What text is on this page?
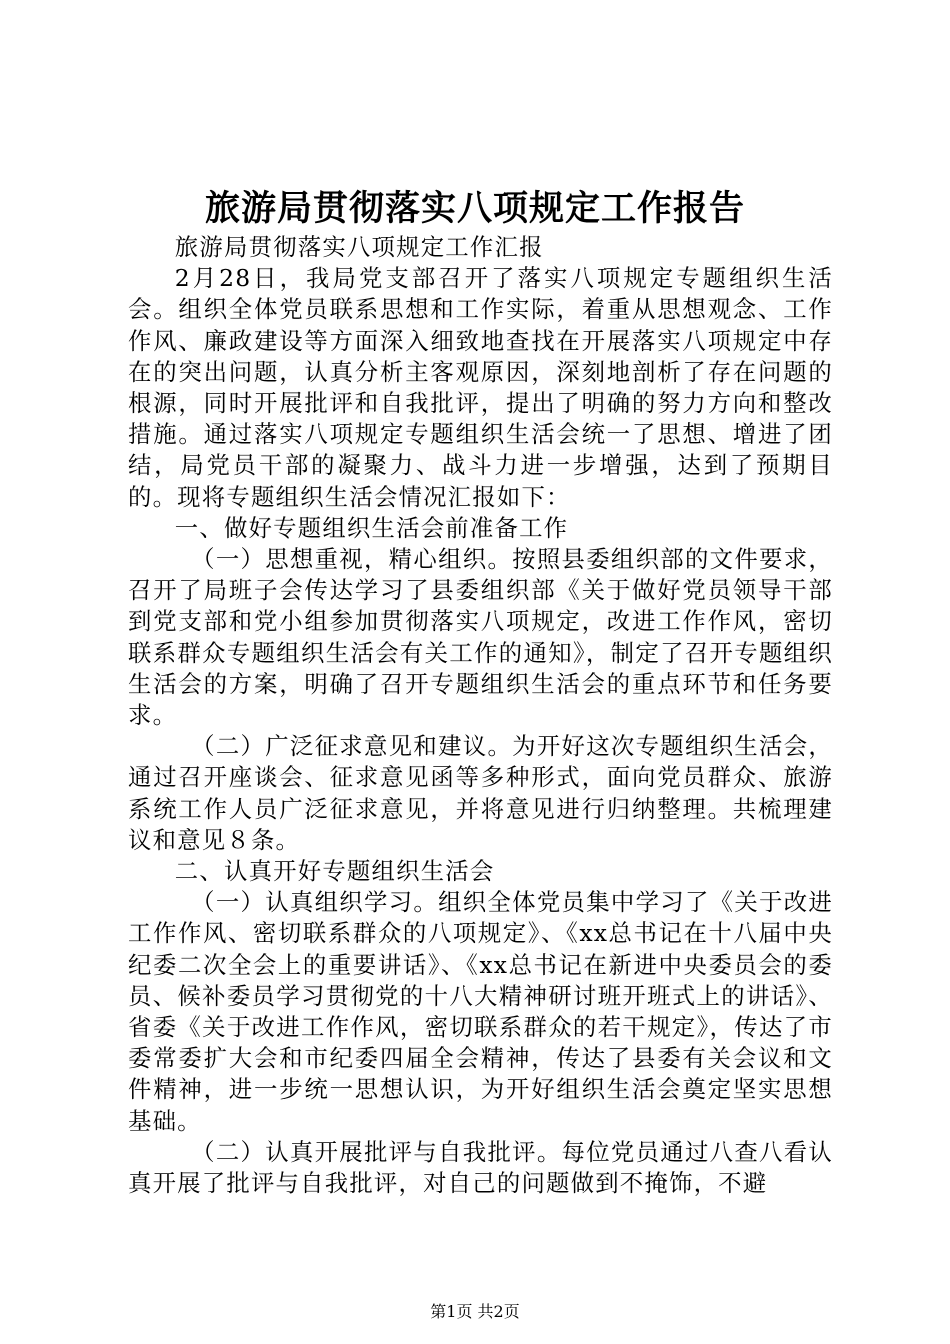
旅游局贯彻落实八项规定工作报告

旅游局贯彻落实八项规定工作汇报

2月28日，我局党支部召开了落实八项规定专题组织生活会。组织全体党员联系思想和工作实际，着重从思想观念、工作作风、廉政建设等方面深入细致地查找在开展落实八项规定中存在的突出问题，认真分析主客观原因，深刻地剖析了存在问题的根源，同时开展批评和自我批评，提出了明确的努力方向和整改措施。通过落实八项规定专题组织生活会统一了思想、增进了团结，局党员干部的凝聚力、战斗力进一步增强，达到了预期目的。现将专题组织生活会情况汇报如下：

一、做好专题组织生活会前准备工作

（一）思想重视，精心组织。按照县委组织部的文件要求，召开了局班子会传达学习了县委组织部《关于做好党员领导干部到党支部和党小组参加贯彻落实八项规定，改进工作作风，密切联系群众专题组织生活会有关工作的通知》，制定了召开专题组织生活会的方案，明确了召开专题组织生活会的重点环节和任务要求。

（二）广泛征求意见和建议。为开好这次专题组织生活会，通过召开座谈会、征求意见函等多种形式，面向党员群众、旅游系统工作人员广泛征求意见，并将意见进行归纳整理。共梳理建议和意见８条。

二、认真开好专题组织生活会

（一）认真组织学习。组织全体党员集中学习了《关于改进工作作风、密切联系群众的八项规定》、《xx总书记在十八届中央纪委二次全会上的重要讲话》、《xx总书记在新进中央委员会的委员、候补委员学习贯彻党的十八大精神研讨班开班式上的讲话》、省委《关于改进工作作风，密切联系群众的若干规定》，传达了市委常委扩大会和市纪委四届全会精神，传达了县委有关会议和文件精神，进一步统一思想认识，为开好组织生活会奠定坚实思想基础。

（二）认真开展批评与自我批评。每位党员通过八查八看认真开展了批评与自我批评，对自己的问题做到不掩饰，不避

第1页 共2页
